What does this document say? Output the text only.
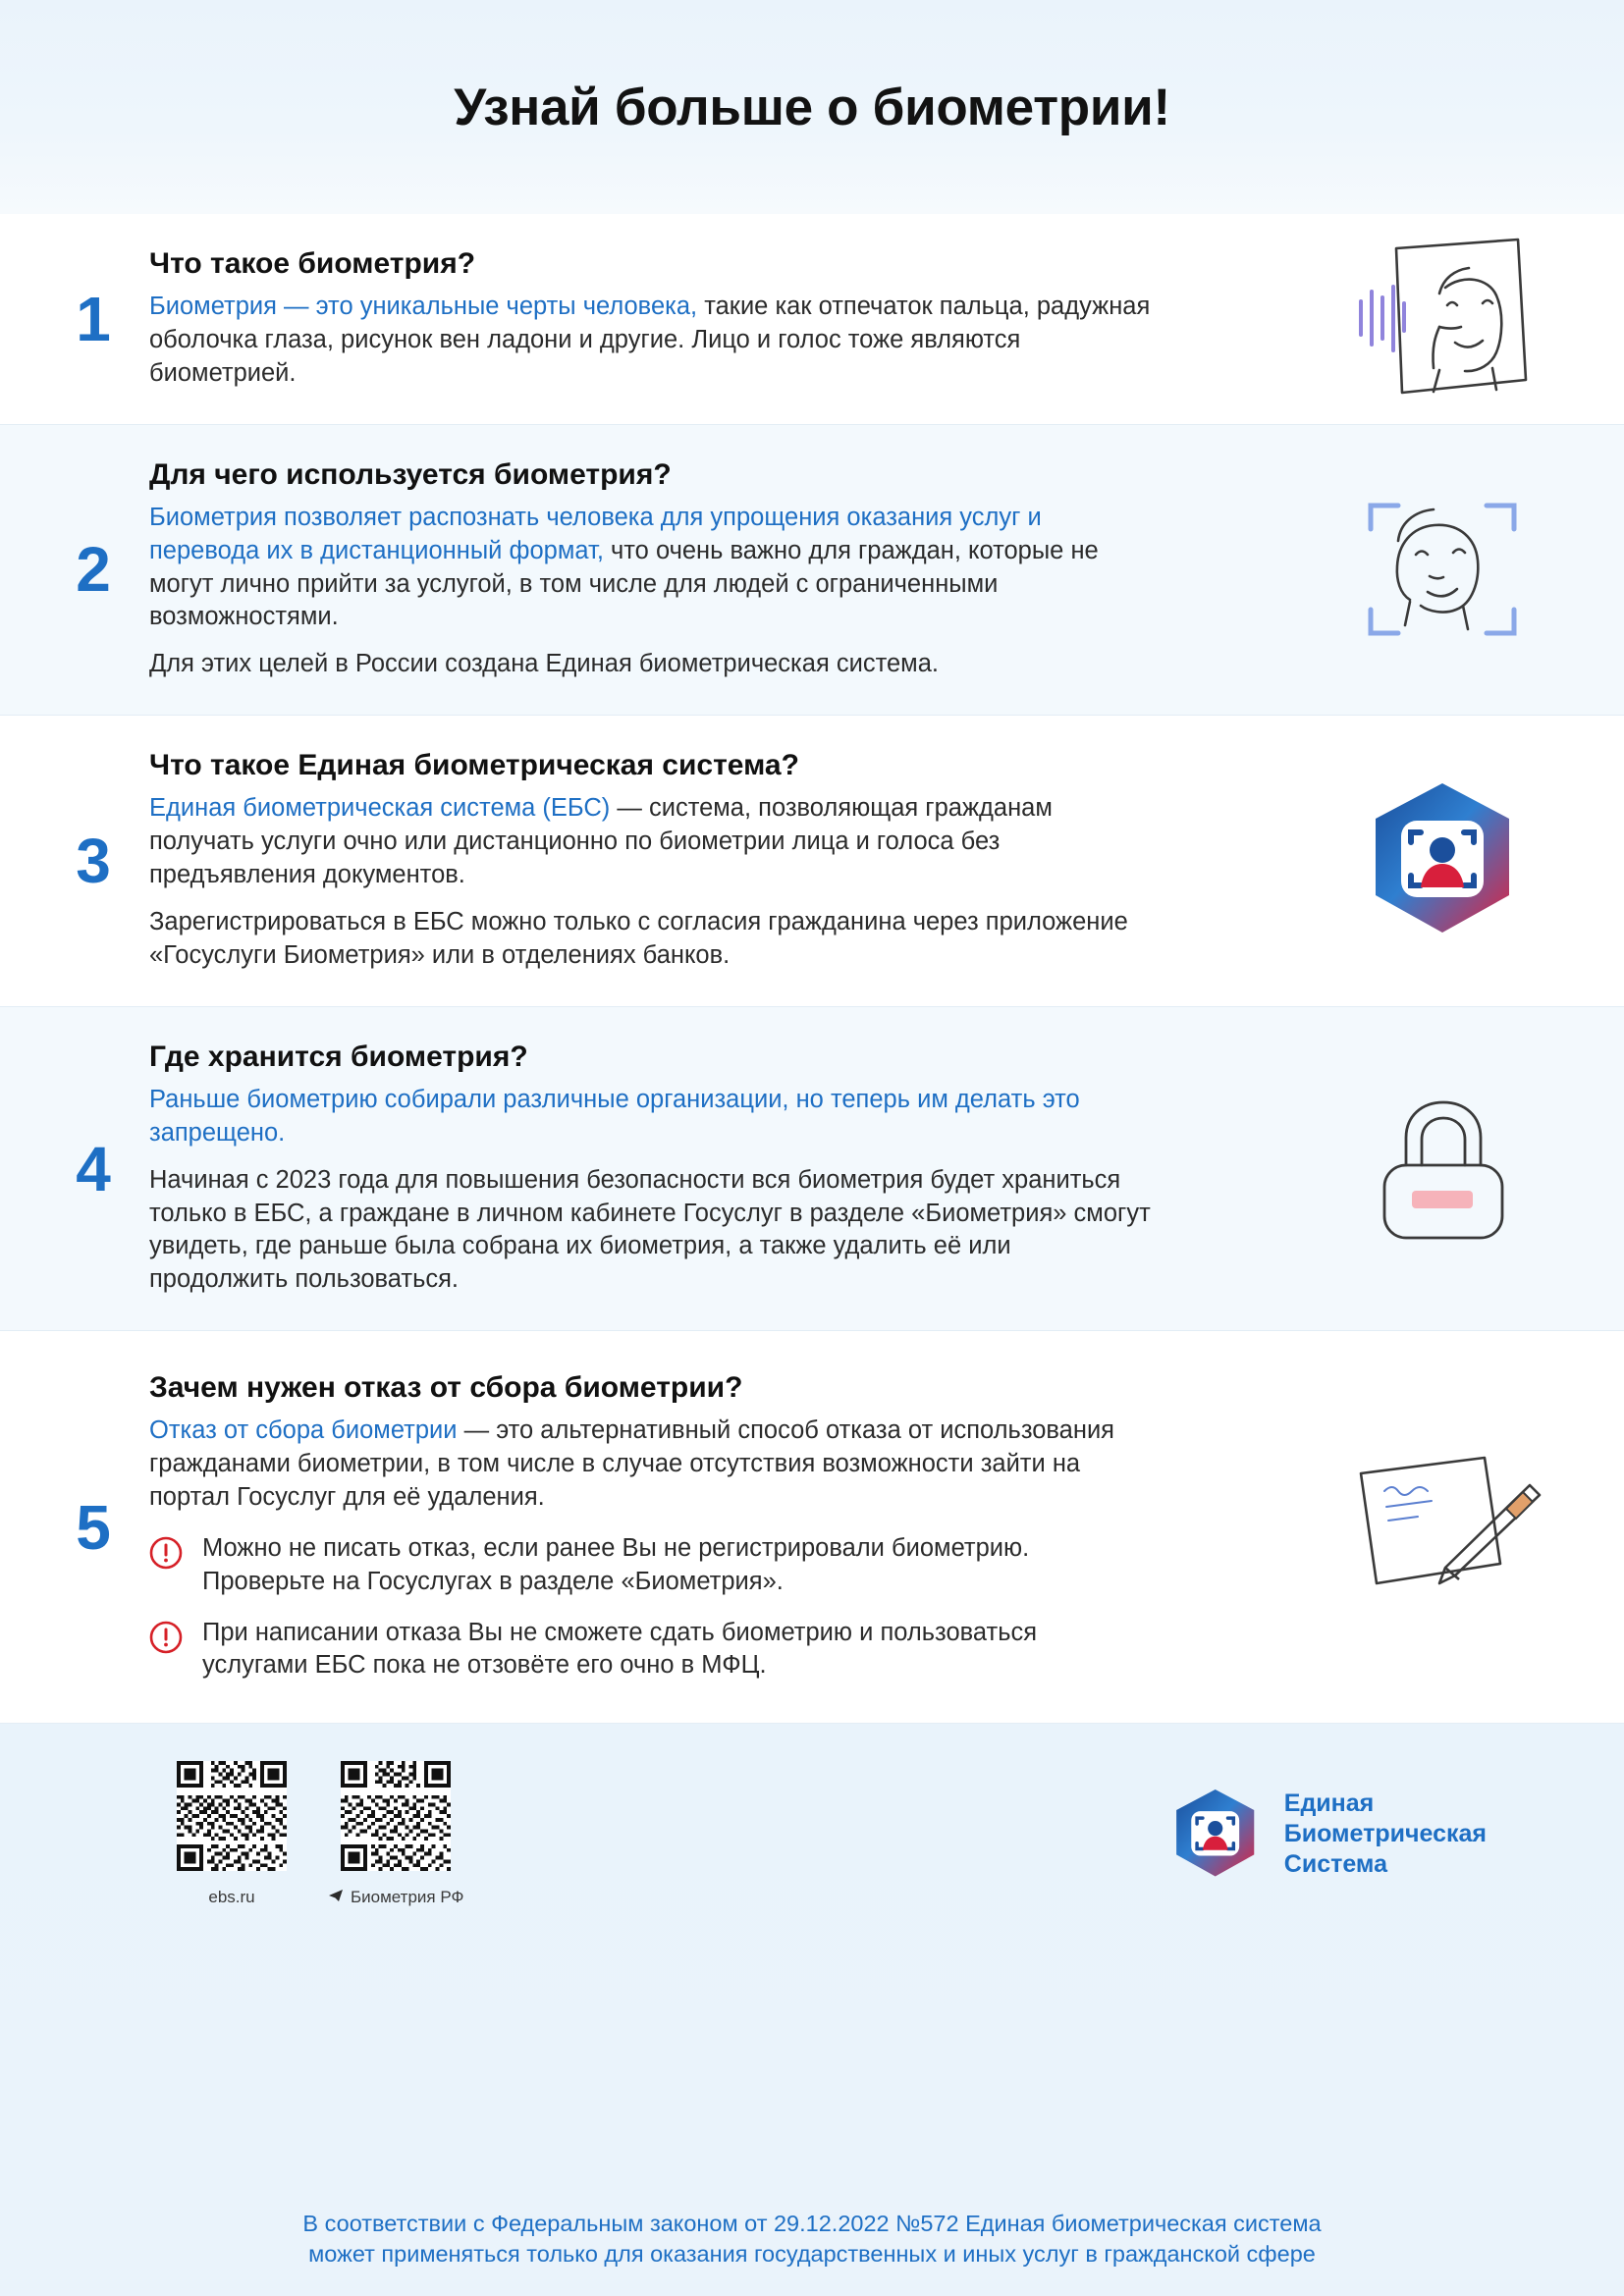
Узнай больше о биометрии!
1
Что такое биометрия?

Биометрия — это уникальные черты человека, такие как отпечаток пальца, радужная оболочка глаза, рисунок вен ладони и другие. Лицо и голос тоже являются биометрией.

2
Для чего используется биометрия?

Биометрия позволяет распознать человека для упрощения оказания услуг и перевода их в дистанционный формат, что очень важно для граждан, которые не могут лично прийти за услугой, в том числе для людей с ограниченными возможностями.

Для этих целей в России создана Единая биометрическая система.

3
Что такое Единая биометрическая система?

Единая биометрическая система (ЕБС) — система, позволяющая гражданам получать услуги очно или дистанционно по биометрии лица и голоса без предъявления документов.

Зарегистрироваться в ЕБС можно только с согласия гражданина через приложение «Госуслуги Биометрия» или в отделениях банков.

4
Где хранится биометрия?

Раньше биометрию собирали различные организации, но теперь им делать это запрещено.

Начиная с 2023 года для повышения безопасности вся биометрия будет храниться только в ЕБС, а граждане в личном кабинете Госуслуг в разделе «Биометрия» смогут увидеть, где раньше была собрана их биометрия, а также удалить её или продолжить пользоваться.

5
Зачем нужен отказ от сбора биометрии?

Отказ от сбора биометрии — это альтернативный способ отказа от использования гражданами биометрии, в том числе в случае отсутствия возможности зайти на портал Госуслуг для её удаления.

Можно не писать отказ, если ранее Вы не регистрировали биометрию. Проверьте на Госуслугах в разделе «Биометрия».
При написании отказа Вы не сможете сдать биометрию и пользоваться услугами ЕБС пока не отзовёте его очно в МФЦ.
ebs.ru	Биометрия РФ
Единая
Биометрическая
Система
В соответствии с Федеральным законом от 29.12.2022 №572 Единая биометрическая система
может применяться только для оказания государственных и иных услуг в гражданской сфере
